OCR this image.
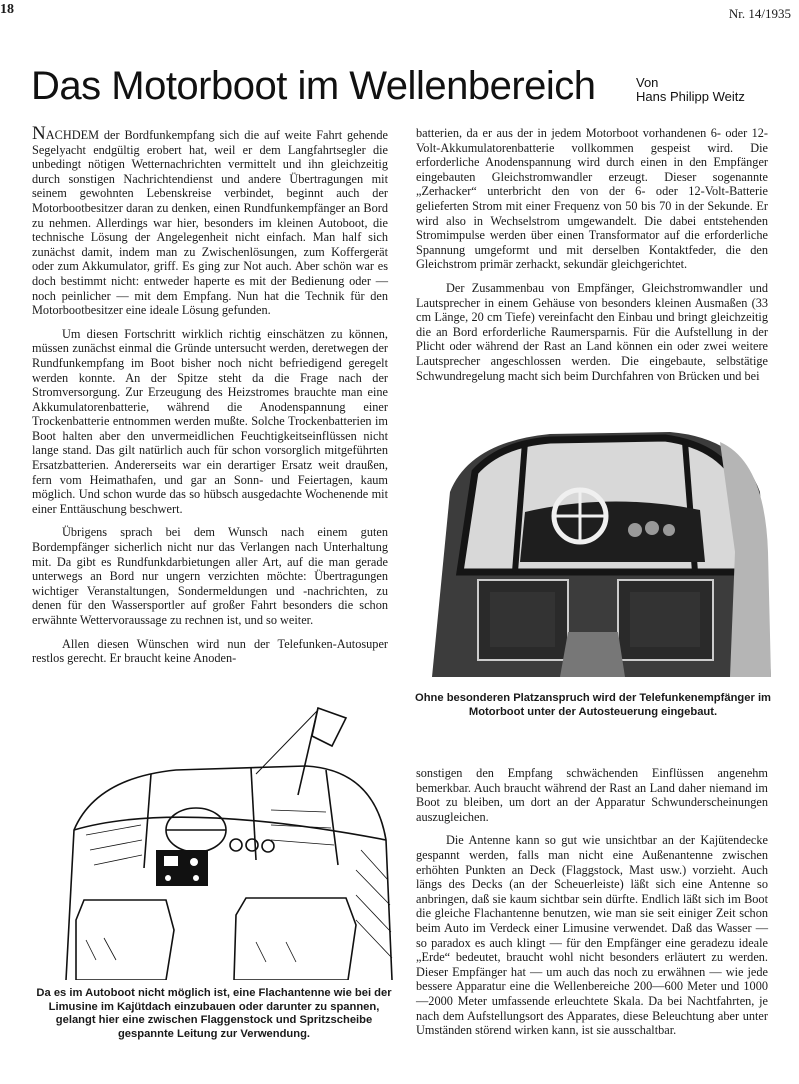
18	Nr. 14/1935
Das Motorboot im Wellenbereich	Von
Hans Philipp Weitz

NACHDEM der Bordfunkempfang sich die auf weite Fahrt gehende Segelyacht endgültig erobert hat, weil er dem Langfahrtsegler die unbedingt nötigen Wetternachrichten vermittelt und ihn gleichzeitig durch sonstigen Nachrichtendienst und andere Übertragungen mit seinem gewohnten Lebenskreise verbindet, beginnt auch der Motorbootbesitzer daran zu denken, einen Rundfunkempfänger an Bord zu nehmen. Allerdings war hier, besonders im kleinen Autoboot, die technische Lösung der Angelegenheit nicht einfach. Man half sich zunächst damit, indem man zu Zwischenlösungen, zum Koffergerät oder zum Akkumulator, griff. Es ging zur Not auch. Aber schön war es doch bestimmt nicht: entweder haperte es mit der Bedienung oder — noch peinlicher — mit dem Empfang. Nun hat die Technik für den Motorbootbesitzer eine ideale Lösung gefunden.

Um diesen Fortschritt wirklich richtig einschätzen zu können, müssen zunächst einmal die Gründe untersucht werden, deretwegen der Rundfunkempfang im Boot bisher noch nicht befriedigend geregelt werden konnte. An der Spitze steht da die Frage nach der Stromversorgung. Zur Erzeugung des Heizstromes brauchte man eine Akkumulatorenbatterie, während die Anodenspannung einer Trockenbatterie entnommen werden mußte. Solche Trockenbatterien im Boot halten aber den unvermeidlichen Feuchtigkeitseinflüssen nicht lange stand. Das gilt natürlich auch für schon vorsorglich mitgeführten Ersatzbatterien. Andererseits war ein derartiger Ersatz weit draußen, fern vom Heimathafen, und gar an Sonn- und Feiertagen, kaum möglich. Und schon wurde das so hübsch ausgedachte Wochenende mit einer Enttäuschung beschwert.

Übrigens sprach bei dem Wunsch nach einem guten Bordempfänger sicherlich nicht nur das Verlangen nach Unterhaltung mit. Da gibt es Rundfunkdarbietungen aller Art, auf die man gerade unterwegs an Bord nur ungern verzichten möchte: Übertragungen wichtiger Veranstaltungen, Sondermeldungen und -nachrichten, zu denen für den Wassersportler auf großer Fahrt besonders die schon erwähnte Wettervoraussage zu rechnen ist, und so weiter.

Allen diesen Wünschen wird nun der Telefunken-Autosuper restlos gerecht. Er braucht keine Anoden-

batterien, da er aus der in jedem Motorboot vorhandenen 6- oder 12-Volt-Akkumulatorenbatterie vollkommen gespeist wird. Die erforderliche Anodenspannung wird durch einen in den Empfänger eingebauten Gleichstromwandler erzeugt. Dieser sogenannte „Zerhacker“ unterbricht den von der 6- oder 12-Volt-Batterie gelieferten Strom mit einer Frequenz von 50 bis 70 in der Sekunde. Er wird also in Wechselstrom umgewandelt. Die dabei entstehenden Stromimpulse werden über einen Transformator auf die erforderliche Spannung umgeformt und mit derselben Kontaktfeder, die den Gleichstrom primär zerhackt, sekundär gleichgerichtet.

Der Zusammenbau von Empfänger, Gleichstromwandler und Lautsprecher in einem Gehäuse von besonders kleinen Ausmaßen (33 cm Länge, 20 cm Tiefe) vereinfacht den Einbau und bringt gleichzeitig die an Bord erforderliche Raumersparnis. Für die Aufstellung in der Plicht oder während der Rast an Land können ein oder zwei weitere Lautsprecher angeschlossen werden. Die eingebaute, selbstätige Schwundregelung macht sich beim Durchfahren von Brücken und bei

Ohne besonderen Platzanspruch wird der Telefunkenempfänger im Motorboot unter der Autosteuerung eingebaut.
Da es im Autoboot nicht möglich ist, eine Flachantenne wie bei der Limusine im Kajütdach einzubauen oder darunter zu spannen, gelangt hier eine zwischen Flaggenstock und Spritzscheibe gespannte Leitung zur Verwendung.

sonstigen den Empfang schwächenden Einflüssen angenehm bemerkbar. Auch braucht während der Rast an Land daher niemand im Boot zu bleiben, um dort an der Apparatur Schwunderscheinungen auszugleichen.

Die Antenne kann so gut wie unsichtbar an der Kajütendecke gespannt werden, falls man nicht eine Außenantenne zwischen erhöhten Punkten an Deck (Flaggstock, Mast usw.) vorzieht. Auch längs des Decks (an der Scheuerleiste) läßt sich eine Antenne so anbringen, daß sie kaum sichtbar sein dürfte. Endlich läßt sich im Boot die gleiche Flachantenne benutzen, wie man sie seit einiger Zeit schon beim Auto im Verdeck einer Limusine verwendet. Daß das Wasser — so paradox es auch klingt — für den Empfänger eine geradezu ideale „Erde“ bedeutet, braucht wohl nicht besonders erläutert zu werden. Dieser Empfänger hat — um auch das noch zu erwähnen — wie jede bessere Apparatur eine die Wellenbereiche 200—600 Meter und 1000—2000 Meter umfassende erleuchtete Skala. Da bei Nachtfahrten, je nach dem Aufstellungsort des Apparates, diese Beleuchtung aber unter Umständen störend wirken kann, ist sie ausschaltbar.
